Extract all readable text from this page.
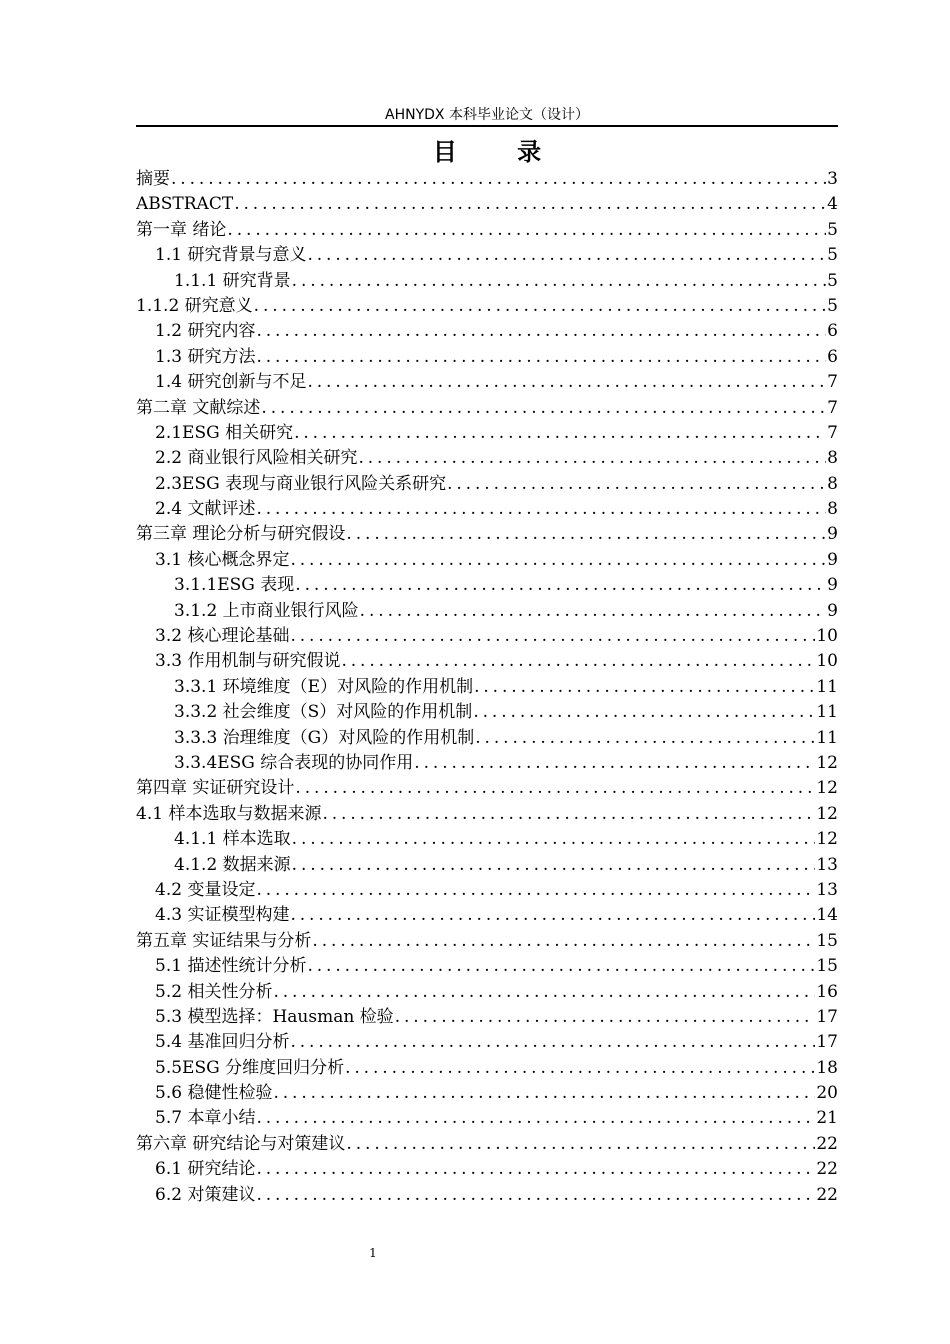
AHNYDX 本科毕业论文（设计）
目 录
摘要 .....	3
ABSTRACT .....	4
第一章 绪论 .....	5
1.1 研究背景与意义 .....	5
1.1.1 研究背景 .....	5
1.1.2 研究意义 .....	5
1.2 研究内容 .....	6
1.3 研究方法 .....	6
1.4 研究创新与不足 .....	7
第二章 文献综述 .....	7
2.1ESG 相关研究 .....	7
2.2 商业银行风险相关研究 .....	8
2.3ESG 表现与商业银行风险关系研究 .....	8
2.4 文献评述 .....	8
第三章 理论分析与研究假设 .....	9
3.1 核心概念界定 .....	9
3.1.1ESG 表现 .....	9
3.1.2 上市商业银行风险 .....	9
3.2 核心理论基础 .....	10
3.3 作用机制与研究假说 .....	10
3.3.1 环境维度（E）对风险的作用机制 .....	11
3.3.2 社会维度（S）对风险的作用机制 .....	11
3.3.3 治理维度（G）对风险的作用机制 .....	11
3.3.4ESG 综合表现的协同作用 .....	12
第四章 实证研究设计 .....	12
4.1 样本选取与数据来源 .....	12
4.1.1 样本选取 .....	12
4.1.2 数据来源 .....	13
4.2 变量设定 .....	13
4.3 实证模型构建 .....	14
第五章 实证结果与分析 .....	15
5.1 描述性统计分析 .....	15
5.2 相关性分析 .....	16
5.3 模型选择：Hausman 检验 .....	17
5.4 基准回归分析 .....	17
5.5ESG 分维度回归分析 .....	18
5.6 稳健性检验 .....	20
5.7 本章小结 .....	21
第六章 研究结论与对策建议 .....	22
6.1 研究结论 .....	22
6.2 对策建议 .....	22
1
